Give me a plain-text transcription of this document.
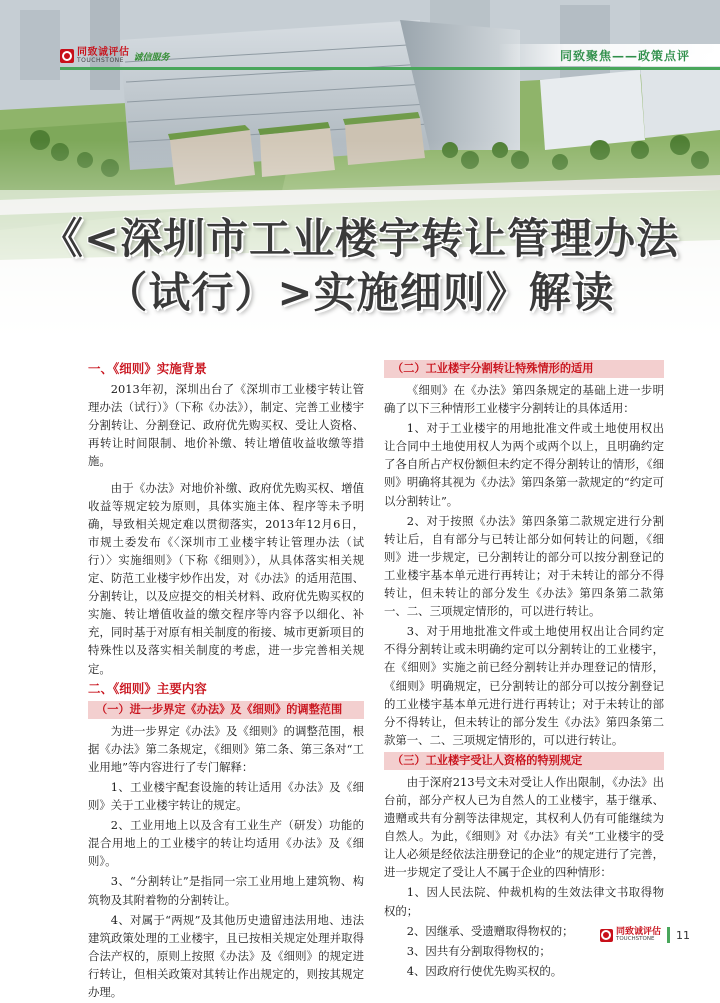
同致诚评估
TOUCHSTONE	诚信服务	同致聚焦——政策点评
《<深圳市工业楼宇转让管理办法
（试行）>实施细则》解读
一、《细则》实施背景

2013年初，深圳出台了《深圳市工业楼宇转让管理办法（试行）》（下称《办法》），制定、完善工业楼宇分割转让、分割登记、政府优先购买权、受让人资格、再转让时间限制、地价补缴、转让增值收益收缴等措施。

由于《办法》对地价补缴、政府优先购买权、增值收益等规定较为原则，具体实施主体、程序等未予明确，导致相关规定难以贯彻落实，2013年12月6日，市规土委发布《〈深圳市工业楼宇转让管理办法（试行）〉实施细则》（下称《细则》），从具体落实相关规定、防范工业楼宇炒作出发，对《办法》的适用范围、分割转让，以及应提交的相关材料、政府优先购买权的实施、转让增值收益的缴交程序等内容予以细化、补充，同时基于对原有相关制度的衔接、城市更新项目的特殊性以及落实相关制度的考虑，进一步完善相关规定。

二、《细则》主要内容
（一）进一步界定《办法》及《细则》的调整范围

为进一步界定《办法》及《细则》的调整范围，根据《办法》第二条规定，《细则》第二条、第三条对“工业用地”等内容进行了专门解释：

1、工业楼宇配套设施的转让适用《办法》及《细则》关于工业楼宇转让的规定。

2、工业用地上以及含有工业生产（研发）功能的混合用地上的工业楼宇的转让均适用《办法》及《细则》。

3、“分割转让”是指同一宗工业用地上建筑物、构筑物及其附着物的分割转让。

4、对属于“两规”及其他历史遗留违法用地、违法建筑政策处理的工业楼宇，且已按相关规定处理并取得合法产权的，原则上按照《办法》及《细则》的规定进行转让，但相关政策对其转让作出规定的，则按其规定办理。

（二）工业楼宇分割转让特殊情形的适用

《细则》在《办法》第四条规定的基础上进一步明确了以下三种情形工业楼宇分割转让的具体适用：

1、对于工业楼宇的用地批准文件或土地使用权出让合同中土地使用权人为两个或两个以上，且明确约定了各自所占产权份额但未约定不得分割转让的情形，《细则》明确将其视为《办法》第四条第一款规定的“约定可以分割转让”。

2、对于按照《办法》第四条第二款规定进行分割转让后，自有部分与已转让部分如何转让的问题，《细则》进一步规定，已分割转让的部分可以按分割登记的工业楼宇基本单元进行再转让；对于未转让的部分不得转让，但未转让的部分发生《办法》第四条第二款第一、二、三项规定情形的，可以进行转让。

3、对于用地批准文件或土地使用权出让合同约定不得分割转让或未明确约定可以分割转让的工业楼宇，在《细则》实施之前已经分割转让并办理登记的情形，《细则》明确规定，已分割转让的部分可以按分割登记的工业楼宇基本单元进行进行再转让；对于未转让的部分不得转让，但未转让的部分发生《办法》第四条第二款第一、二、三项规定情形的，可以进行转让。

（三）工业楼宇受让人资格的特别规定

由于深府213号文未对受让人作出限制，《办法》出台前，部分产权人已为自然人的工业楼宇，基于继承、遗赠或共有分割等法律规定，其权利人仍有可能继续为自然人。为此，《细则》对《办法》有关“工业楼宇的受让人必须是经依法注册登记的企业”的规定进行了完善，进一步规定了受让人不属于企业的四种情形：

1、因人民法院、仲裁机构的生效法律文书取得物权的；

2、因继承、受遗赠取得物权的；

3、因共有分割取得物权的；

4、因政府行使优先购买权的。

同致诚评估
TOUCHSTONE	11
